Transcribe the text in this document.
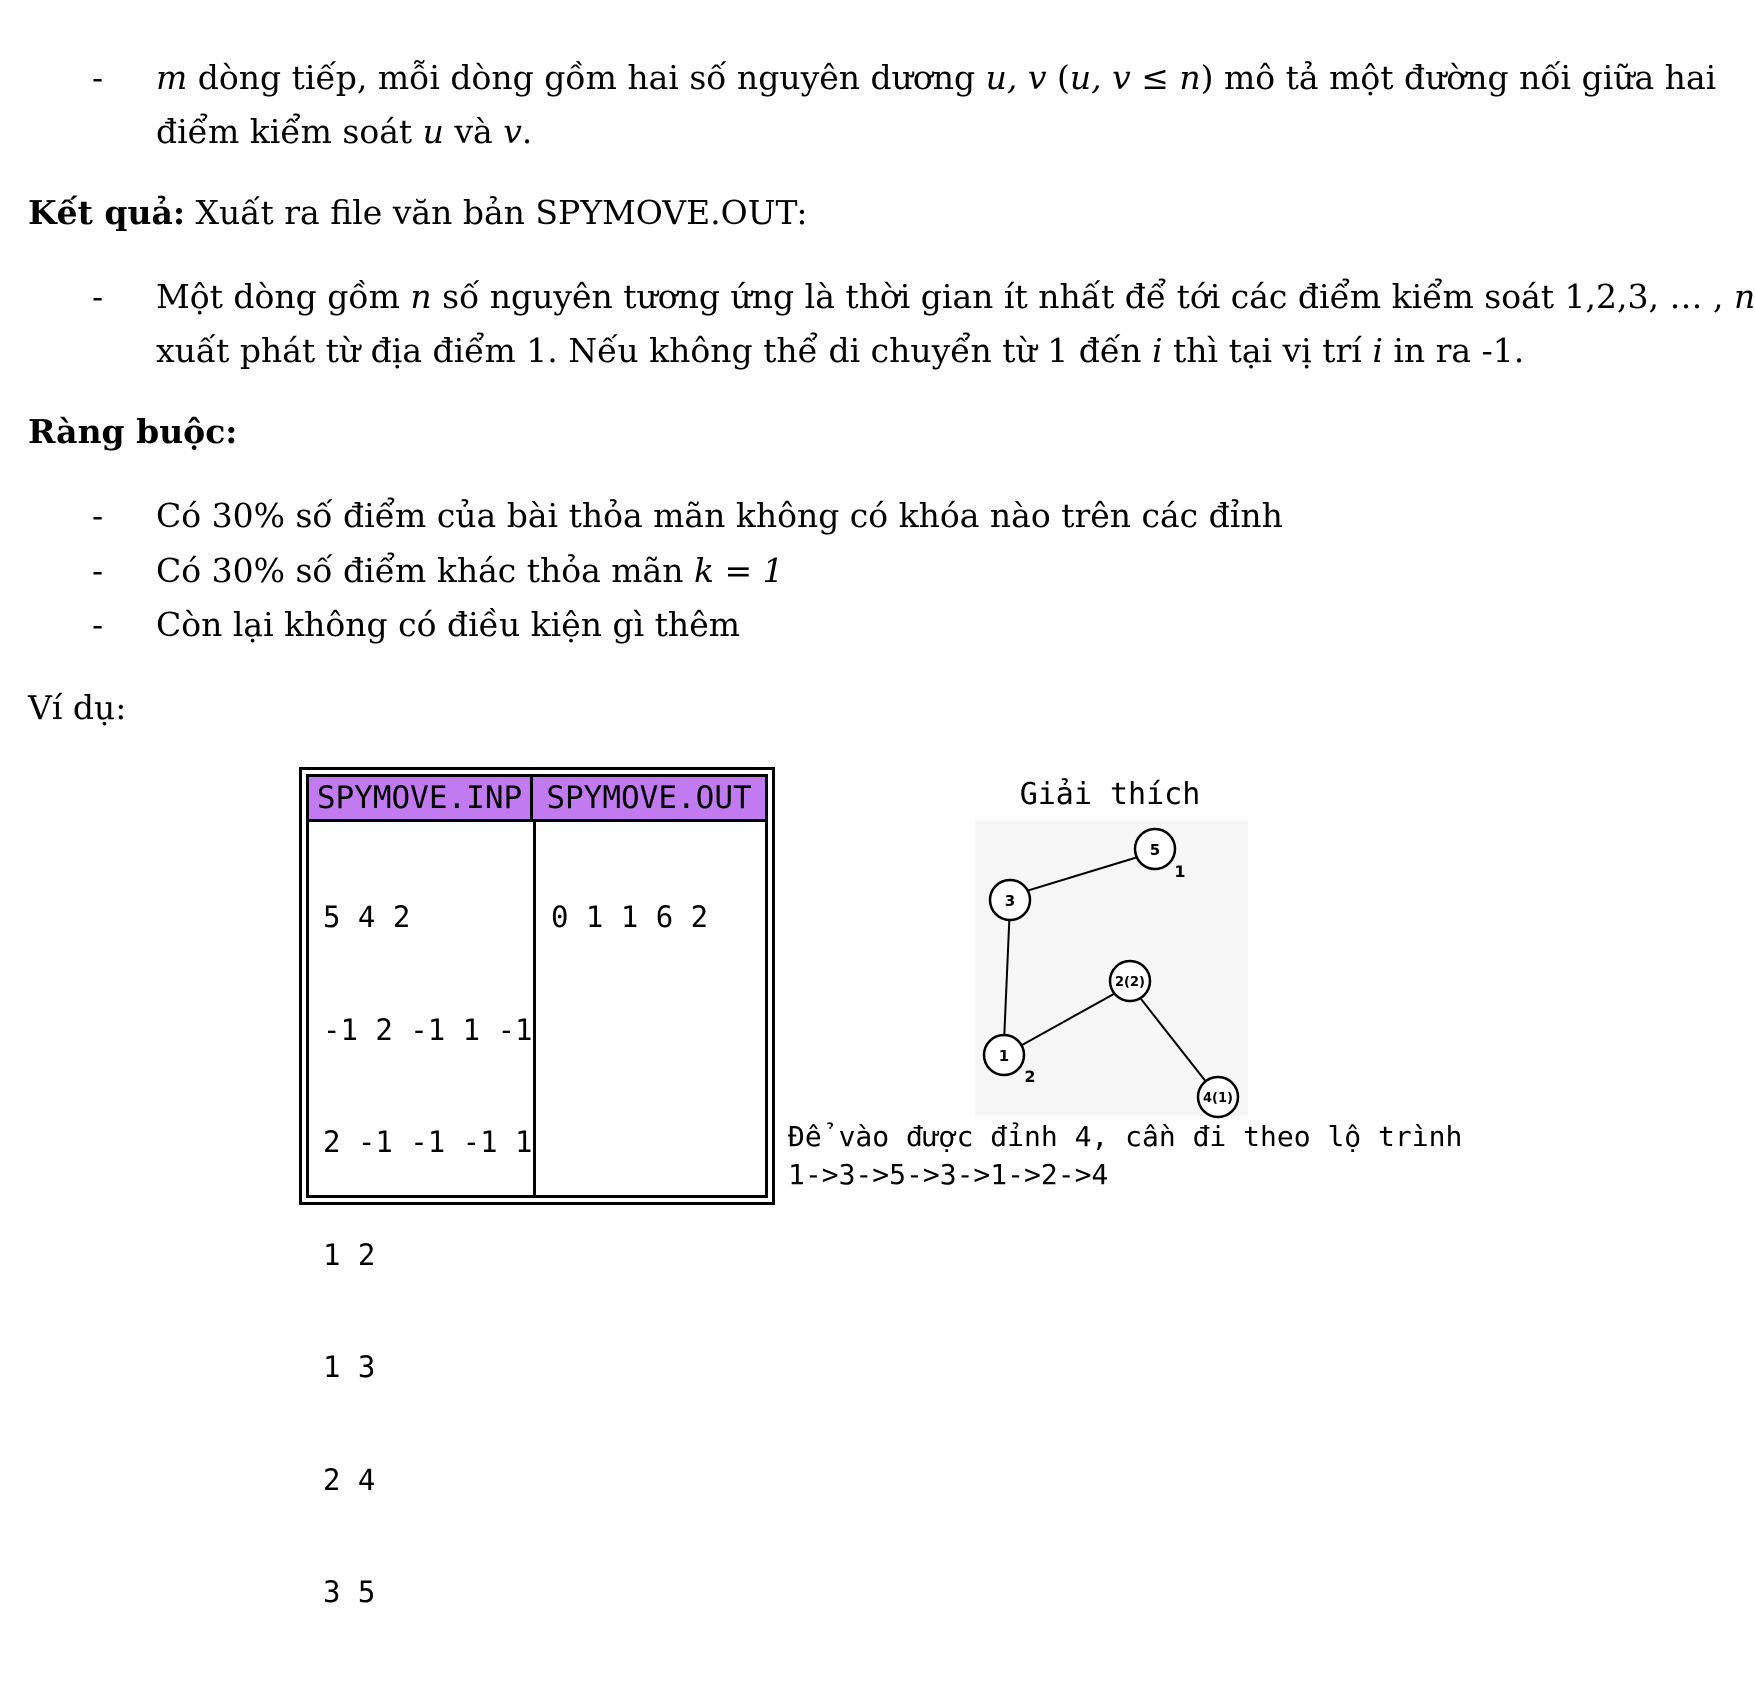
- m dòng tiếp, mỗi dòng gồm hai số nguyên dương u, v (u, v ≤ n) mô tả một đường nối giữa hai
điểm kiểm soát u và v.
Kết quả: Xuất ra file văn bản SPYMOVE.OUT:
- Một dòng gồm n số nguyên tương ứng là thời gian ít nhất để tới các điểm kiểm soát 1,2,3, … , n
xuất phát từ địa điểm 1. Nếu không thể di chuyển từ 1 đến i thì tại vị trí i in ra -1.
Ràng buộc:
- Có 30% số điểm của bài thỏa mãn không có khóa nào trên các đỉnh
- Có 30% số điểm khác thỏa mãn k = 1
- Còn lại không có điều kiện gì thêm
Ví dụ:
SPYMOVE.INP SPYMOVE.OUT

5 4 2

-1 2 -1 1 -1

2 -1 -1 -1 1

1 2

1 3

2 4

3 5

0 1 1 6 2

Giải thích
5
3
2(2)
1
4(1)
1
2
Để vào được đỉnh 4, cần đi theo lộ trình
1->3->5->3->1->2->4
